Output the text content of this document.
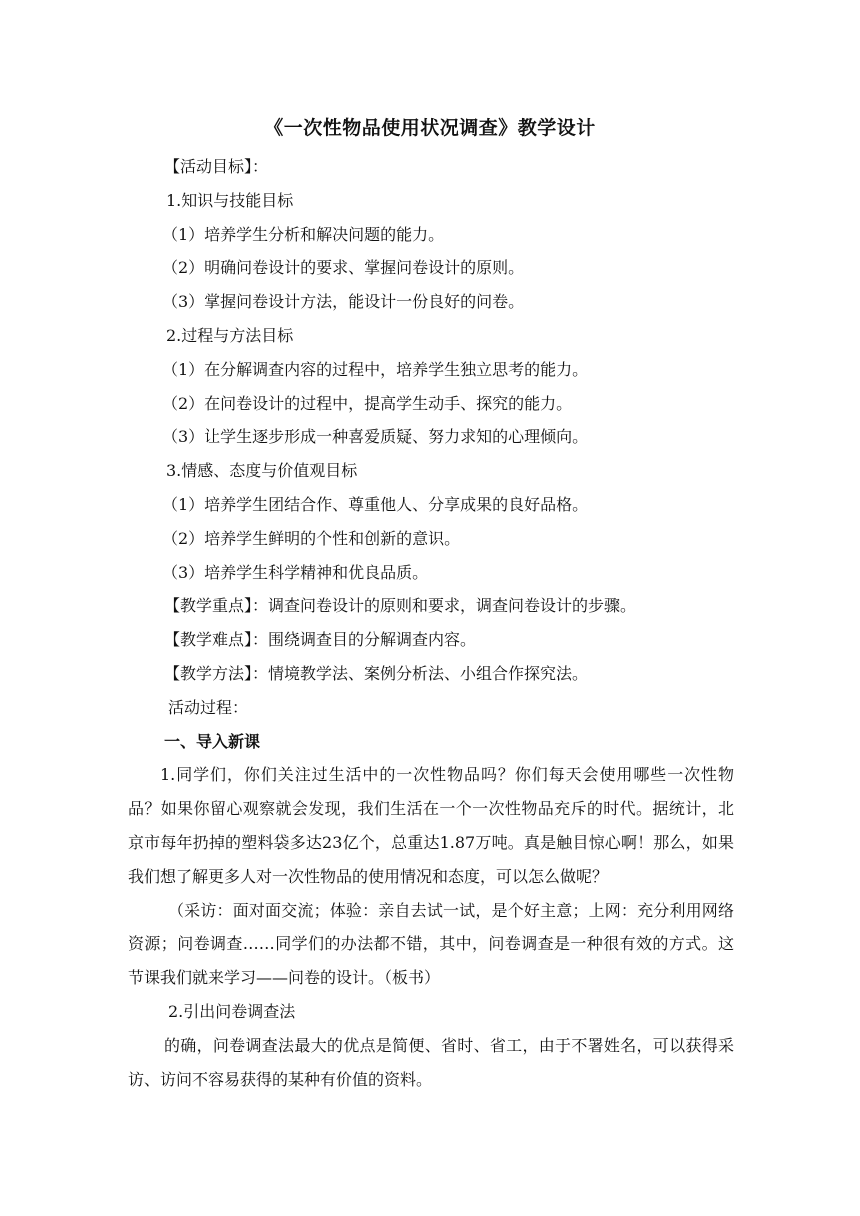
《一次性物品使用状况调查》教学设计
【活动目标】：
1.知识与技能目标
（1）培养学生分析和解决问题的能力。
（2）明确问卷设计的要求、掌握问卷设计的原则。
（3）掌握问卷设计方法，能设计一份良好的问卷。
2.过程与方法目标
（1）在分解调查内容的过程中，培养学生独立思考的能力。
（2）在问卷设计的过程中，提高学生动手、探究的能力。
（3）让学生逐步形成一种喜爱质疑、努力求知的心理倾向。
3.情感、态度与价值观目标
（1）培养学生团结合作、尊重他人、分享成果的良好品格。
（2）培养学生鲜明的个性和创新的意识。
（3）培养学生科学精神和优良品质。
【教学重点】：调查问卷设计的原则和要求，调查问卷设计的步骤。
【教学难点】：围绕调查目的分解调查内容。
【教学方法】：情境教学法、案例分析法、小组合作探究法。
活动过程：
一、导入新课
1.同学们，你们关注过生活中的一次性物品吗？你们每天会使用哪些一次性物品？如果你留心观察就会发现，我们生活在一个一次性物品充斥的时代。据统计，北京市每年扔掉的塑料袋多达23亿个，总重达1.87万吨。真是触目惊心啊！那么，如果我们想了解更多人对一次性物品的使用情况和态度，可以怎么做呢？
（采访：面对面交流；体验：亲自去试一试，是个好主意；上网：充分利用网络资源；问卷调查……同学们的办法都不错，其中，问卷调查是一种很有效的方式。这节课我们就来学习——问卷的设计。（板书）
2.引出问卷调查法
的确，问卷调查法最大的优点是简便、省时、省工，由于不署姓名，可以获得采访、访问不容易获得的某种有价值的资料。
